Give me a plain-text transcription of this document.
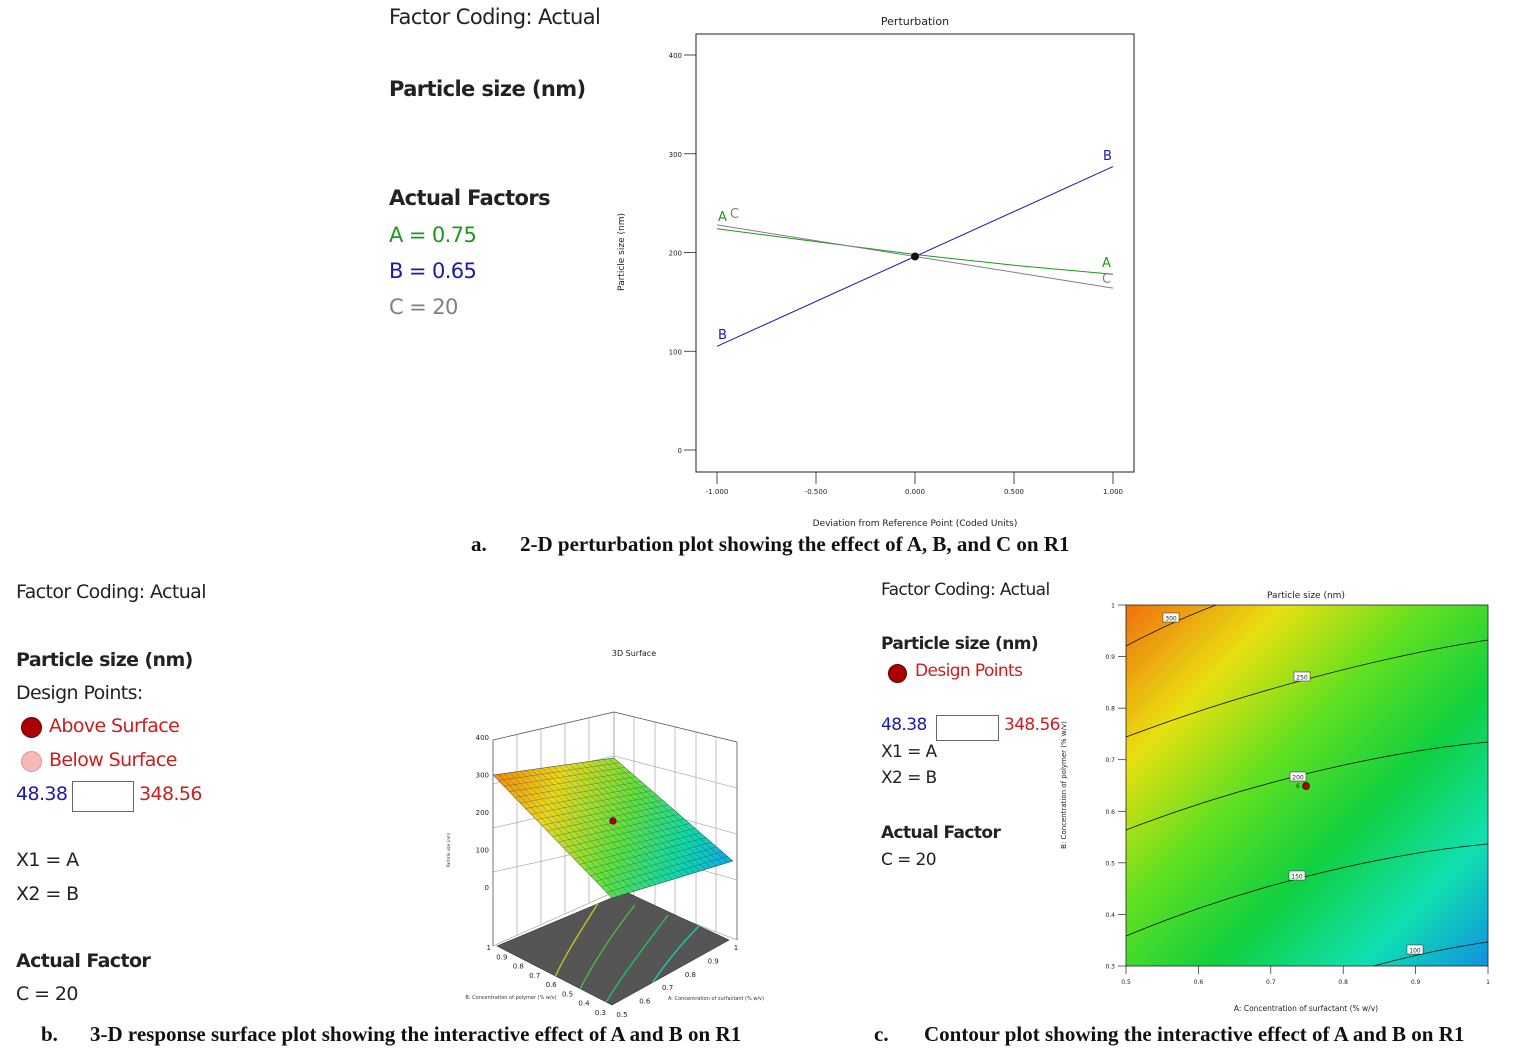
Factor Coding: Actual
Particle size (nm)
Actual Factors
A = 0.75
B = 0.65
C = 20
Perturbation
Particle size (nm)
Deviation from Reference Point (Coded Units)
0
100
200
300
400
-1.000	-0.500	0.000	0.500	1.000
A C
B
B
A
C
a. 2-D perturbation plot showing the effect of A, B, and C on R1
Factor Coding: Actual
Particle size (nm)
Design Points:
Above Surface
Below Surface
48.38	348.56
X1 = A
X2 = B
Actual Factor
C = 20
3D Surface
0
100
200
300
400
Particle size (nm)
0.3
0.4
0.5
0.6
0.7
0.8
0.9
1
0.5
0.6
0.7
0.8
0.9
1
B: Concentration of polymer (% w/v)	A: Concentration of surfactant (% w/v)
b. 3-D response surface plot showing the interactive effect of A and B on R1
Factor Coding: Actual
Particle size (nm)
Design Points
48.38	348.56
X1 = A
X2 = B
Actual Factor
C = 20
Particle size (nm)
300
250
200
150
100
6
0.3
0.4
0.5
0.6
0.7
0.8
0.9
1
0.5	0.6	0.7	0.8	0.9	1
B: Concentration of polymer (% w/v)
A: Concentration of surfactant (% w/v)
c. Contour plot showing the interactive effect of A and B on R1
